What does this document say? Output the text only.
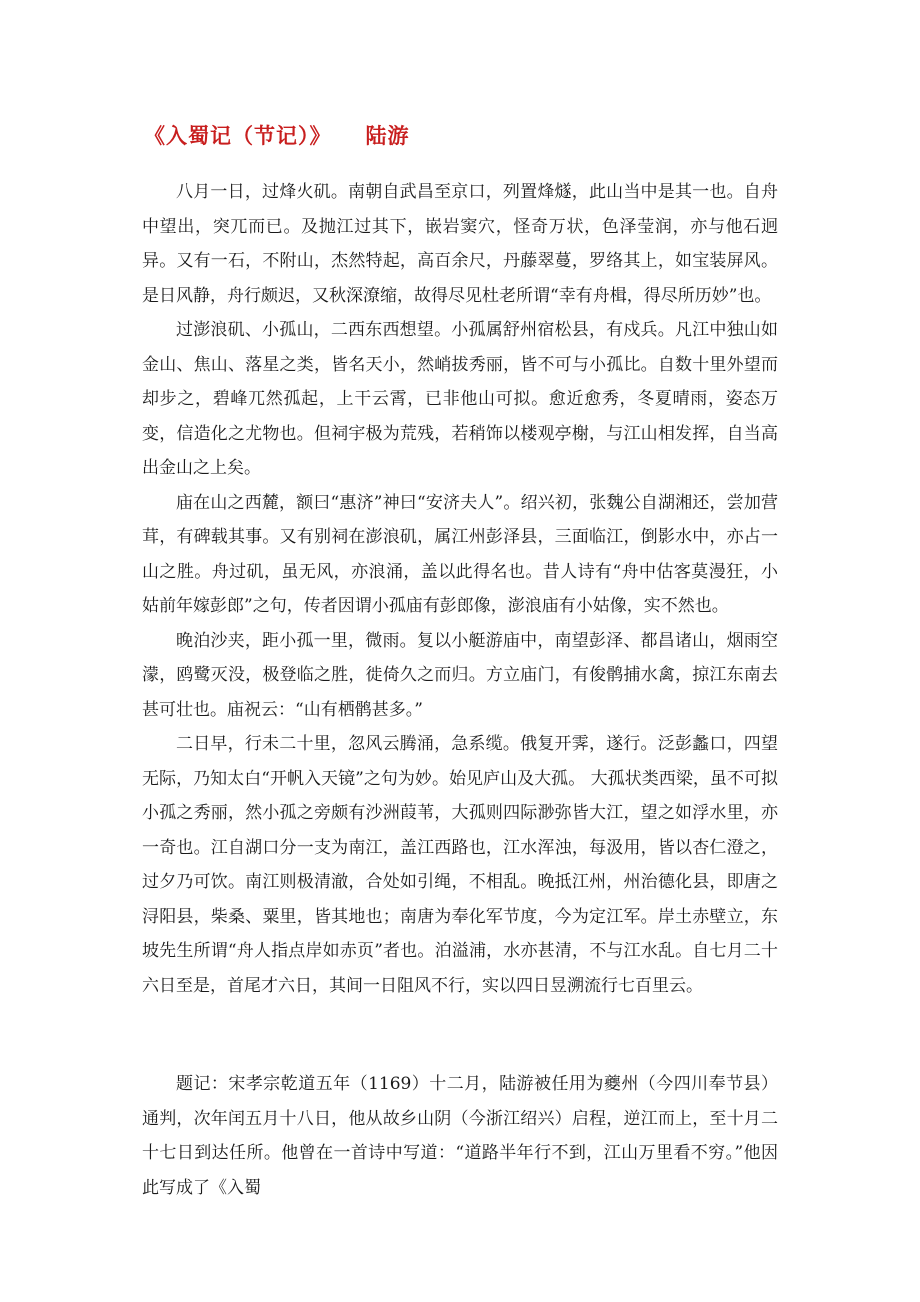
《入蜀记（节记）》 陆游

八月一日，过烽火矶。南朝自武昌至京口，列置烽燧，此山当中是其一也。自舟中望出，突兀而已。及抛江过其下，嵌岩窦穴，怪奇万状，色泽莹润，亦与他石迥异。又有一石，不附山，杰然特起，高百余尺，丹藤翠蔓，罗络其上，如宝装屏风。是日风静，舟行颇迟，又秋深潦缩，故得尽见杜老所谓“幸有舟楫，得尽所历妙”也。

过澎浪矶、小孤山，二西东西想望。小孤属舒州宿松县，有戍兵。凡江中独山如金山、焦山、落星之类，皆名天小，然峭拔秀丽，皆不可与小孤比。自数十里外望而却步之，碧峰兀然孤起，上干云霄，已非他山可拟。愈近愈秀，冬夏晴雨，姿态万变，信造化之尤物也。但祠宇极为荒残，若稍饰以楼观亭榭，与江山相发挥，自当高出金山之上矣。

庙在山之西麓，额曰“惠济”神曰“安济夫人”。绍兴初，张魏公自湖湘还，尝加营茸，有碑载其事。又有别祠在澎浪矶，属江州彭泽县，三面临江，倒影水中，亦占一山之胜。舟过矶，虽无风，亦浪涌，盖以此得名也。昔人诗有“舟中估客莫漫狂，小姑前年嫁彭郎”之句，传者因谓小孤庙有彭郎像，澎浪庙有小姑像，实不然也。

晚泊沙夹，距小孤一里，微雨。复以小艇游庙中，南望彭泽、都昌诸山，烟雨空濛，鸥鹭灭没，极登临之胜，徙倚久之而归。方立庙门，有俊鹘捕水禽，掠江东南去甚可壮也。庙祝云：“山有栖鹘甚多。”

二日早，行未二十里，忽风云腾涌，急系缆。俄复开霁，遂行。泛彭蠡口，四望无际，乃知太白“开帆入天镜”之句为妙。始见庐山及大孤。 大孤状类西梁，虽不可拟小孤之秀丽，然小孤之旁颇有沙洲葭苇，大孤则四际渺弥皆大江，望之如浮水里，亦一奇也。江自湖口分一支为南江，盖江西路也，江水浑浊，每汲用，皆以杏仁澄之，过夕乃可饮。南江则极清澈，合处如引绳，不相乱。晚抵江州，州治德化县，即唐之浔阳县，柴桑、粟里，皆其地也；南唐为奉化军节度，今为定江军。岸土赤壁立，东坡先生所谓“舟人指点岸如赤页”者也。泊溢浦，水亦甚清，不与江水乱。自七月二十六日至是，首尾才六日，其间一日阻风不行，实以四日昱溯流行七百里云。

题记：宋孝宗乾道五年（1169）十二月，陆游被任用为夔州（今四川奉节县）通判，次年闰五月十八日，他从故乡山阴（今浙江绍兴）启程，逆江而上，至十月二十七日到达任所。他曾在一首诗中写道：“道路半年行不到，江山万里看不穷。”他因此写成了《入蜀
